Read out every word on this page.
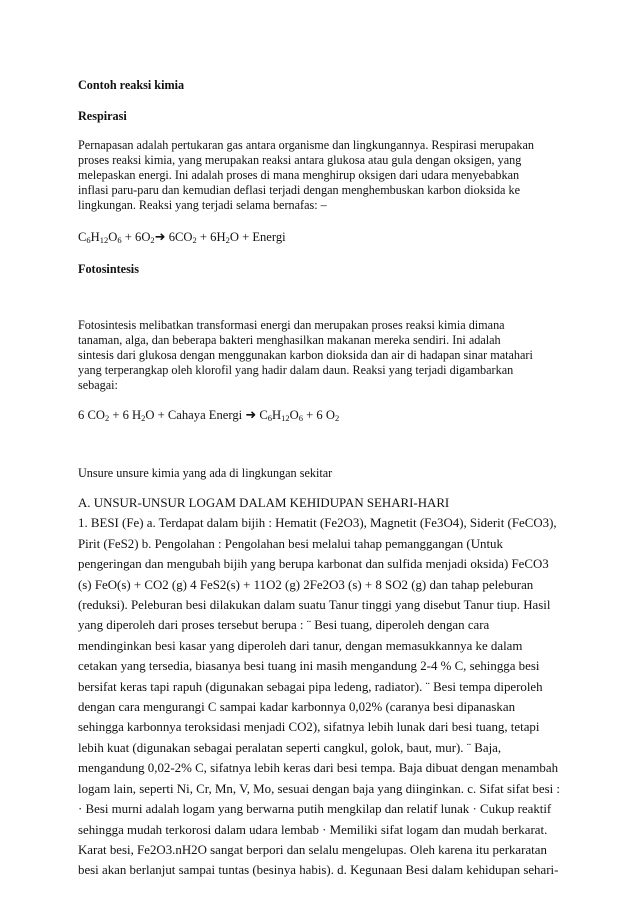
Contoh reaksi kimia
Respirasi
Pernapasan adalah pertukaran gas antara organisme dan lingkungannya. Respirasi merupakan
proses reaksi kimia, yang merupakan reaksi antara glukosa atau gula dengan oksigen, yang
melepaskan energi. Ini adalah proses di mana menghirup oksigen dari udara menyebabkan
inflasi paru-paru dan kemudian deflasi terjadi dengan menghembuskan karbon dioksida ke
lingkungan. Reaksi yang terjadi selama bernafas: –
$C_6H_{12}O_6$ + $6O_2➜$ $6CO_2 + 6H_2O$ + Energi
Fotosintesis
Fotosintesis melibatkan transformasi energi dan merupakan proses reaksi kimia dimana
tanaman, alga, dan beberapa bakteri menghasilkan makanan mereka sendiri. Ini adalah
sintesis dari glukosa dengan menggunakan karbon dioksida dan air di hadapan sinar matahari
yang terperangkap oleh klorofil yang hadir dalam daun. Reaksi yang terjadi digambarkan
sebagai:
6 $CO_2 + 6$ $H_2O$ + Cahaya Energi ➜ $C_6H_{12}O_6 + 6$ $O_2$
Unsure unsure kimia yang ada di lingkungan sekitar
A. UNSUR-UNSUR LOGAM DALAM KEHIDUPAN SEHARI-HARI
1. BESI (Fe) a. Terdapat dalam bijih : Hematit (Fe2O3), Magnetit (Fe3O4), Siderit (FeCO3),
Pirit (FeS2) b. Pengolahan : Pengolahan besi melalui tahap pemanggangan (Untuk
pengeringan dan mengubah bijih yang berupa karbonat dan sulfida menjadi oksida) FeCO3
(s) FeO(s) + CO2 (g) 4 FeS2(s) + 11O2 (g) 2Fe2O3 (s) + 8 SO2 (g) dan tahap peleburan
(reduksi). Peleburan besi dilakukan dalam suatu Tanur tinggi yang disebut Tanur tiup. Hasil
yang diperoleh dari proses tersebut berupa : ¨ Besi tuang, diperoleh dengan cara
mendinginkan besi kasar yang diperoleh dari tanur, dengan memasukkannya ke dalam
cetakan yang tersedia, biasanya besi tuang ini masih mengandung 2-4 % C, sehingga besi
bersifat keras tapi rapuh (digunakan sebagai pipa ledeng, radiator). ¨ Besi tempa diperoleh
dengan cara mengurangi C sampai kadar karbonnya 0,02% (caranya besi dipanaskan
sehingga karbonnya teroksidasi menjadi CO2), sifatnya lebih lunak dari besi tuang, tetapi
lebih kuat (digunakan sebagai peralatan seperti cangkul, golok, baut, mur). ¨ Baja,
mengandung 0,02-2% C, sifatnya lebih keras dari besi tempa. Baja dibuat dengan menambah
logam lain, seperti Ni, Cr, Mn, V, Mo, sesuai dengan baja yang diinginkan. c. Sifat sifat besi :
· Besi murni adalah logam yang berwarna putih mengkilap dan relatif lunak · Cukup reaktif
sehingga mudah terkorosi dalam udara lembab · Memiliki sifat logam dan mudah berkarat.
Karat besi, Fe2O3.nH2O sangat berpori dan selalu mengelupas. Oleh karena itu perkaratan
besi akan berlanjut sampai tuntas (besinya habis). d. Kegunaan Besi dalam kehidupan sehari-
